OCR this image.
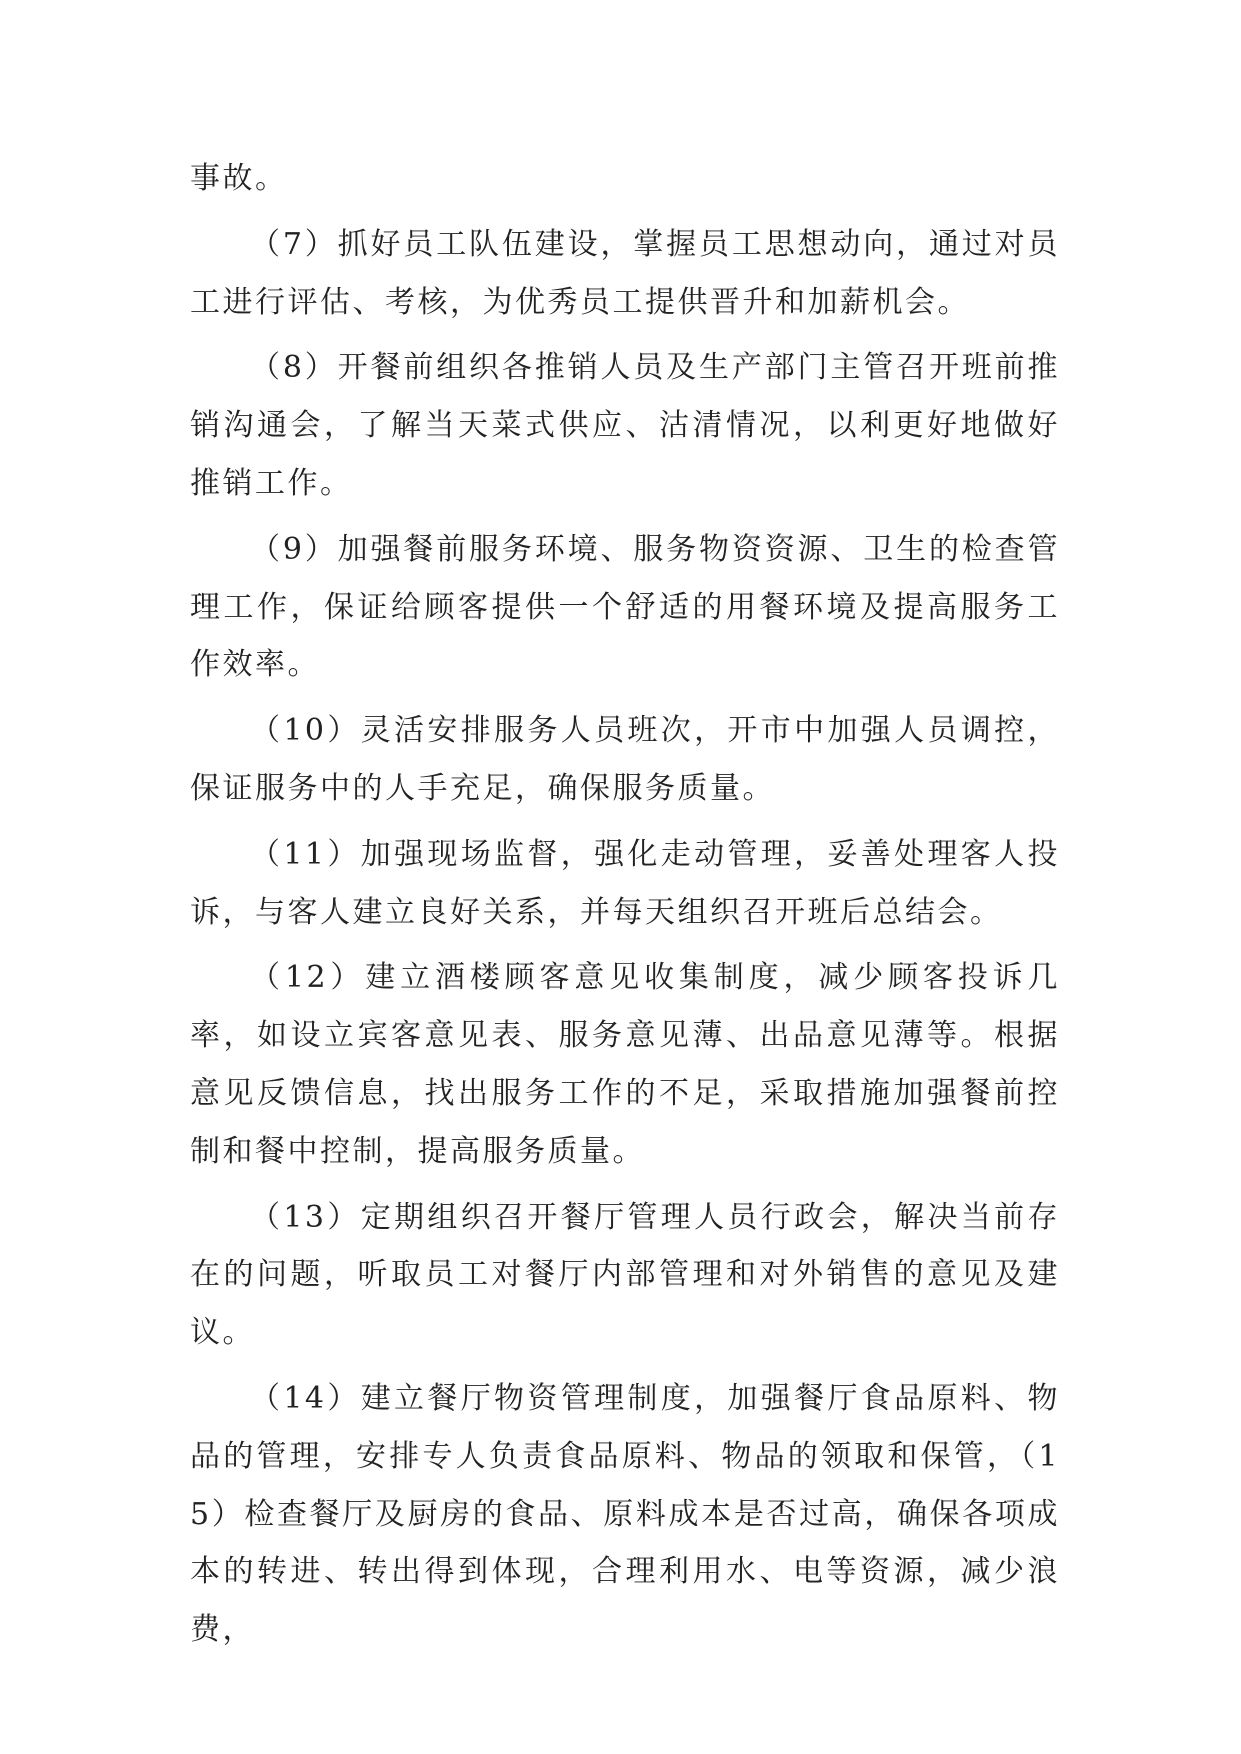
事故。

（7）抓好员工队伍建设，掌握员工思想动向，通过对员工进行评估、考核，为优秀员工提供晋升和加薪机会。

（8）开餐前组织各推销人员及生产部门主管召开班前推销沟通会，了解当天菜式供应、沽清情况，以利更好地做好推销工作。

（9）加强餐前服务环境、服务物资资源、卫生的检查管理工作，保证给顾客提供一个舒适的用餐环境及提高服务工作效率。

（10）灵活安排服务人员班次，开市中加强人员调控，保证服务中的人手充足，确保服务质量。

（11）加强现场监督，强化走动管理，妥善处理客人投诉，与客人建立良好关系，并每天组织召开班后总结会。

（12）建立酒楼顾客意见收集制度，减少顾客投诉几率，如设立宾客意见表、服务意见薄、出品意见薄等。根据意见反馈信息，找出服务工作的不足，采取措施加强餐前控制和餐中控制，提高服务质量。

（13）定期组织召开餐厅管理人员行政会，解决当前存在的问题，听取员工对餐厅内部管理和对外销售的意见及建议。

（14）建立餐厅物资管理制度，加强餐厅食品原料、物品的管理，安排专人负责食品原料、物品的领取和保管，（15）检查餐厅及厨房的食品、原料成本是否过高，确保各项成本的转进、转出得到体现，合理利用水、电等资源，减少浪费，
